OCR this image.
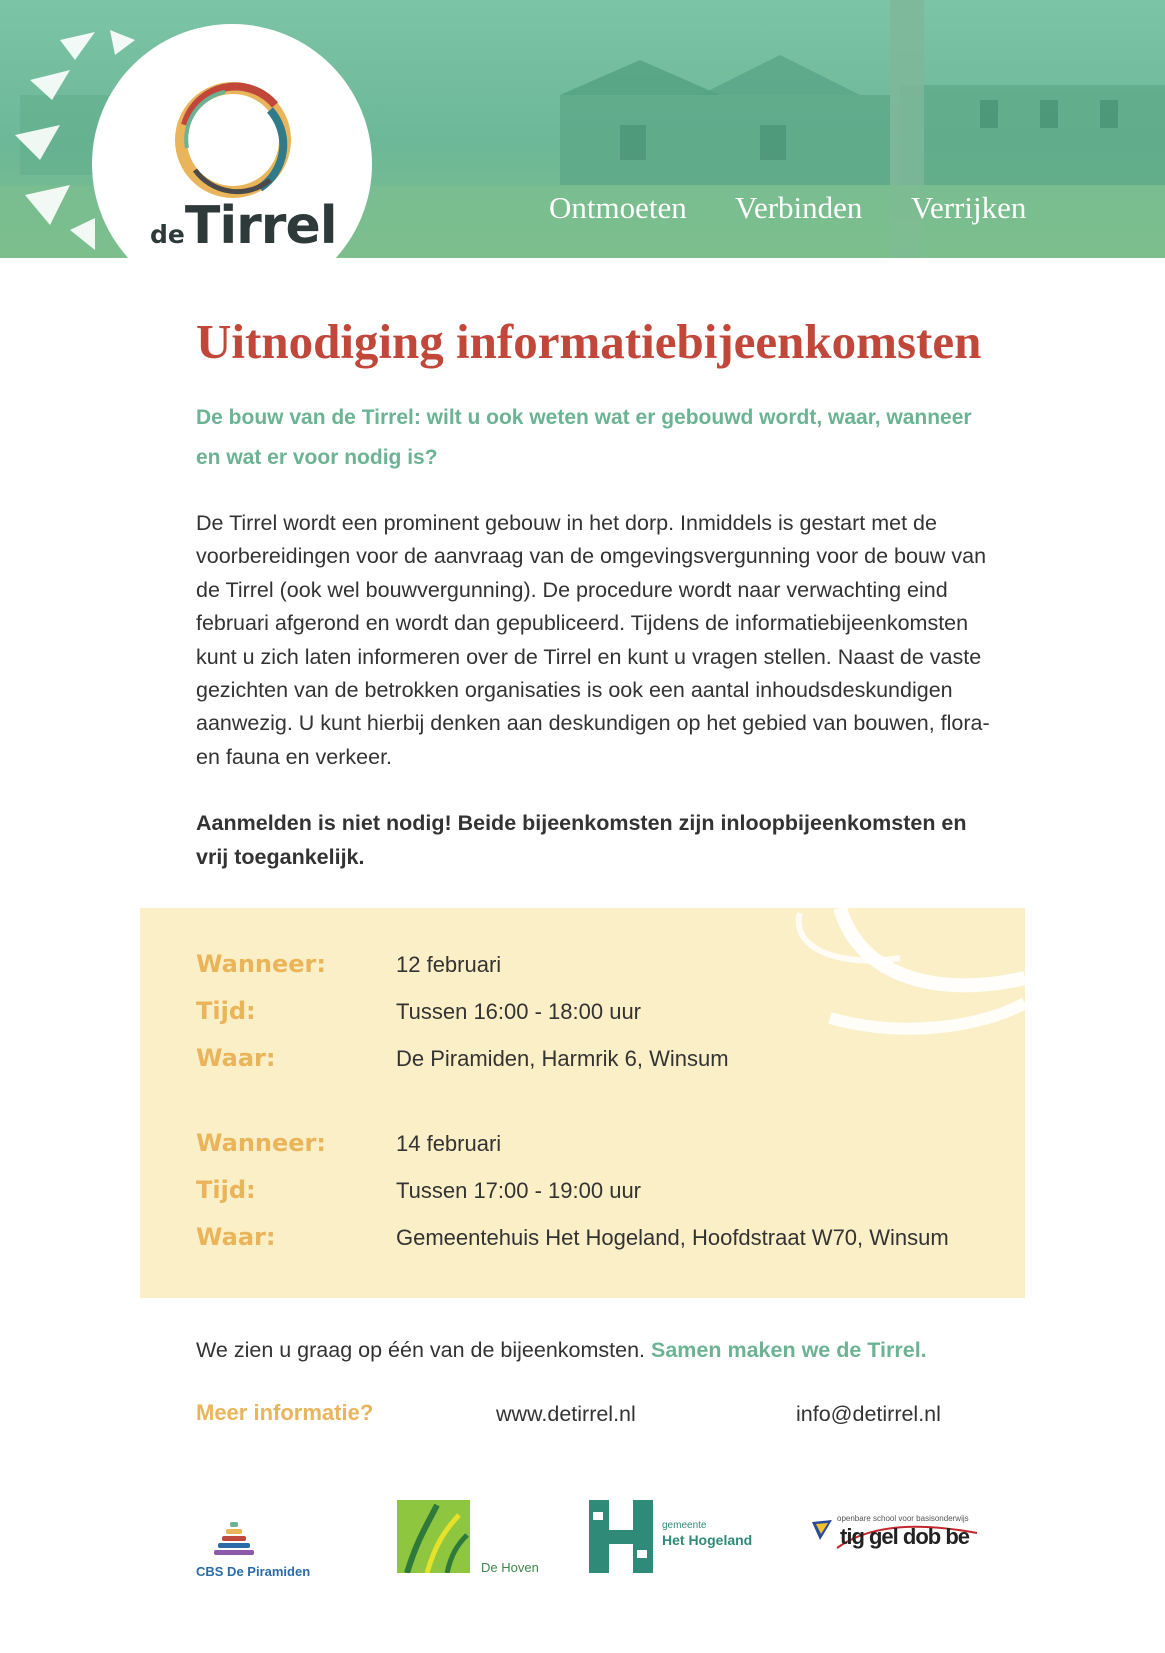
deTirrel	Ontmoeten Verbinden Verrijken
Uitnodiging informatiebijeenkomsten

De bouw van de Tirrel: wilt u ook weten wat er gebouwd wordt, waar, wanneer en wat er voor nodig is?

De Tirrel wordt een prominent gebouw in het dorp. Inmiddels is gestart met de voorbereidingen voor de aanvraag van de omgevingsvergunning voor de bouw van de Tirrel (ook wel bouwvergunning). De procedure wordt naar verwachting eind februari afgerond en wordt dan gepubliceerd. Tijdens de informatiebijeenkomsten kunt u zich laten informeren over de Tirrel en kunt u vragen stellen. Naast de vaste gezichten van de betrokken organisaties is ook een aantal inhoudsdeskundigen aanwezig. U kunt hierbij denken aan deskundigen op het gebied van bouwen, flora- en fauna en verkeer.

Aanmelden is niet nodig! Beide bijeenkomsten zijn inloopbijeenkomsten en vrij toegankelijk.

Wanneer:	12 februari
Tijd:	Tussen 16:00 - 18:00 uur
Waar:	De Piramiden, Harmrik 6, Winsum
Wanneer:	14 februari
Tijd:	Tussen 17:00 - 19:00 uur
Waar:	Gemeentehuis Het Hogeland, Hoofdstraat W70, Winsum

We zien u graag op één van de bijeenkomsten. Samen maken we de Tirrel.

Meer informatie?	www.detirrel.nl	info@detirrel.nl
CBS De Piramiden	De Hoven
gemeente
Het Hogeland
openbare school voor basisonderwijs
tig gel dob be
